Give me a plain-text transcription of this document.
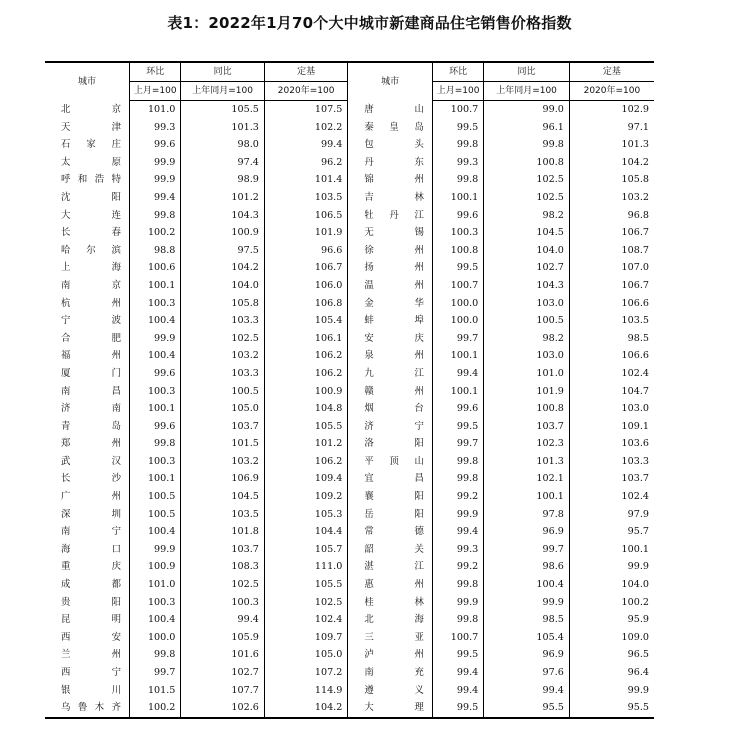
表1：2022年1月70个大中城市新建商品住宅销售价格指数
城市	环比	同比	定基	城市	环比	同比	定基
	上月=100	上年同月=100	2020年=100		上月=100	上年同月=100	2020年=100
北京	101.0	105.5	107.5	唐山	100.7	99.0	102.9
天津	99.3	101.3	102.2	秦皇岛	99.5	96.1	97.1
石家庄	99.6	98.0	99.4	包头	99.8	99.8	101.3
太原	99.9	97.4	96.2	丹东	99.3	100.8	104.2
呼和浩特	99.9	98.9	101.4	锦州	99.8	102.5	105.8
沈阳	99.4	101.2	103.5	吉林	100.1	102.5	103.2
大连	99.8	104.3	106.5	牡丹江	99.6	98.2	96.8
长春	100.2	100.9	101.9	无锡	100.3	104.5	106.7
哈尔滨	98.8	97.5	96.6	徐州	100.8	104.0	108.7
上海	100.6	104.2	106.7	扬州	99.5	102.7	107.0
南京	100.1	104.0	106.0	温州	100.7	104.3	106.7
杭州	100.3	105.8	106.8	金华	100.0	103.0	106.6
宁波	100.4	103.3	105.4	蚌埠	100.0	100.5	103.5
合肥	99.9	102.5	106.1	安庆	99.7	98.2	98.5
福州	100.4	103.2	106.2	泉州	100.1	103.0	106.6
厦门	99.6	103.3	106.2	九江	99.4	101.0	102.4
南昌	100.3	100.5	100.9	赣州	100.1	101.9	104.7
济南	100.1	105.0	104.8	烟台	99.6	100.8	103.0
青岛	99.6	103.7	105.5	济宁	99.5	103.7	109.1
郑州	99.8	101.5	101.2	洛阳	99.7	102.3	103.6
武汉	100.3	103.2	106.2	平顶山	99.8	101.3	103.3
长沙	100.1	106.9	109.4	宜昌	99.8	102.1	103.7
广州	100.5	104.5	109.2	襄阳	99.2	100.1	102.4
深圳	100.5	103.5	105.3	岳阳	99.9	97.8	97.9
南宁	100.4	101.8	104.4	常德	99.4	96.9	95.7
海口	99.9	103.7	105.7	韶关	99.3	99.7	100.1
重庆	100.9	108.3	111.0	湛江	99.2	98.6	99.9
成都	101.0	102.5	105.5	惠州	99.8	100.4	104.0
贵阳	100.3	100.3	102.5	桂林	99.9	99.9	100.2
昆明	100.4	99.4	102.4	北海	99.8	98.5	95.9
西安	100.0	105.9	109.7	三亚	100.7	105.4	109.0
兰州	99.8	101.6	105.0	泸州	99.5	96.9	96.5
西宁	99.7	102.7	107.2	南充	99.4	97.6	96.4
银川	101.5	107.7	114.9	遵义	99.4	99.4	99.9
乌鲁木齐	100.2	102.6	104.2	大理	99.5	95.5	95.5
